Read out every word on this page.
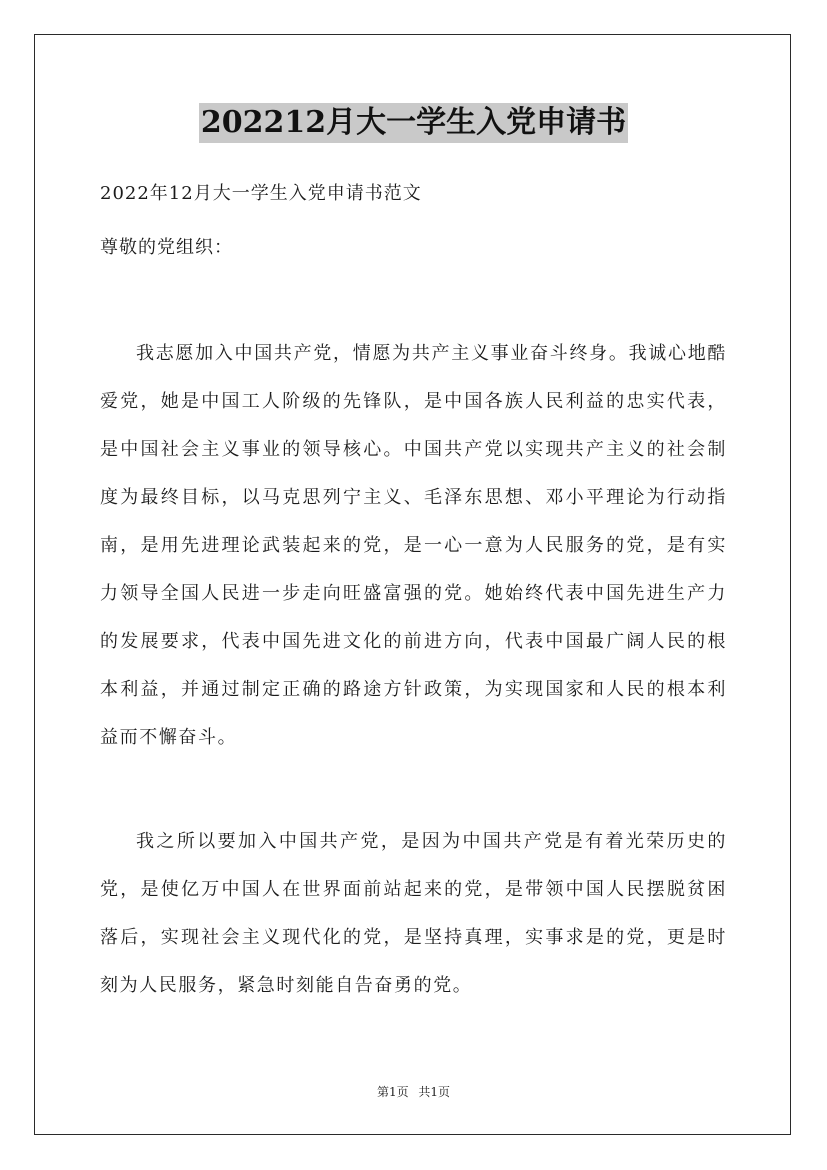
202212月大一学生入党申请书
2022年12月大一学生入党申请书范文
尊敬的党组织：

我志愿加入中国共产党，情愿为共产主义事业奋斗终身。我诚心地酷爱党，她是中国工人阶级的先锋队，是中国各族人民利益的忠实代表，是中国社会主义事业的领导核心。中国共产党以实现共产主义的社会制度为最终目标，以马克思列宁主义、毛泽东思想、邓小平理论为行动指南，是用先进理论武装起来的党，是一心一意为人民服务的党，是有实力领导全国人民进一步走向旺盛富强的党。她始终代表中国先进生产力的发展要求，代表中国先进文化的前进方向，代表中国最广阔人民的根本利益，并通过制定正确的路途方针政策，为实现国家和人民的根本利益而不懈奋斗。

我之所以要加入中国共产党，是因为中国共产党是有着光荣历史的党，是使亿万中国人在世界面前站起来的党，是带领中国人民摆脱贫困落后，实现社会主义现代化的党，是坚持真理，实事求是的党，更是时刻为人民服务，紧急时刻能自告奋勇的党。

第1页 共1页
